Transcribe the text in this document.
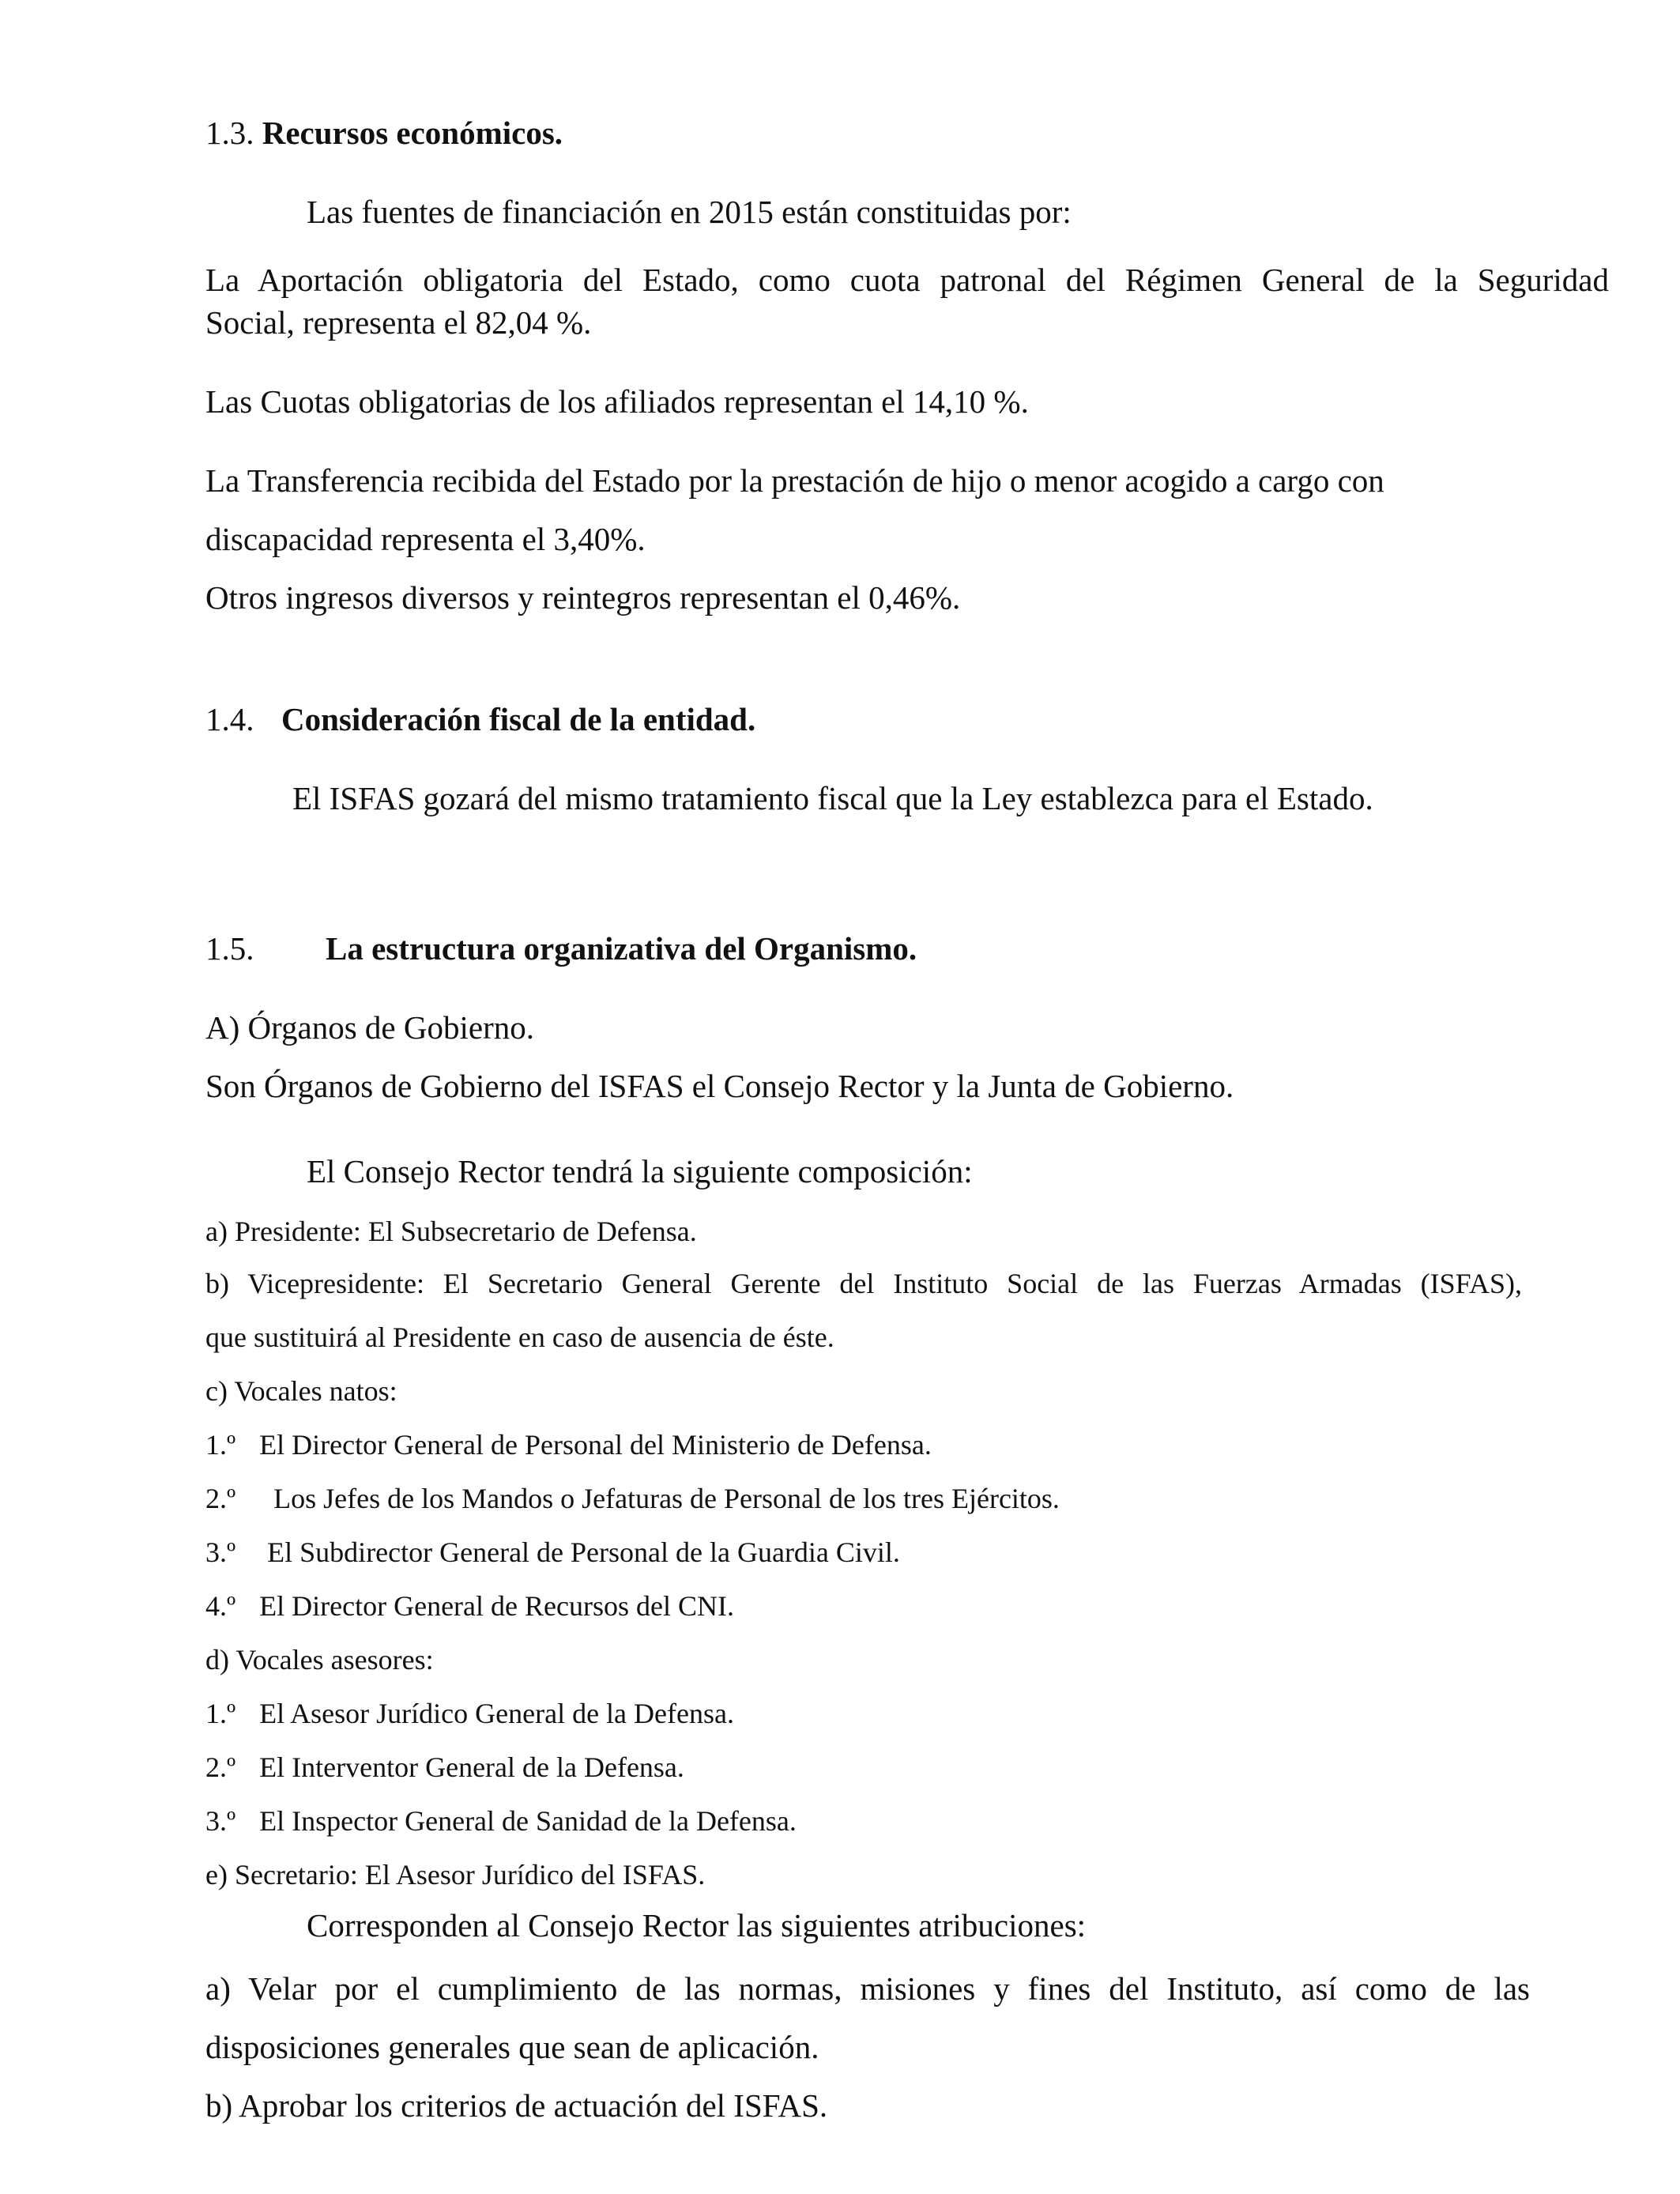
1.3. Recursos económicos.
Las fuentes de financiación en 2015 están constituidas por:
La Aportación obligatoria del Estado, como cuota patronal del Régimen General de la Seguridad
Social, representa el 82,04 %.
Las Cuotas obligatorias de los afiliados representan el 14,10 %.
La Transferencia recibida del Estado por la prestación de hijo o menor acogido a cargo con
discapacidad representa el 3,40%.
Otros ingresos diversos y reintegros representan el 0,46%.
1.4. Consideración fiscal de la entidad.
El ISFAS gozará del mismo tratamiento fiscal que la Ley establezca para el Estado.
1.5. La estructura organizativa del Organismo.
A) Órganos de Gobierno.
Son Órganos de Gobierno del ISFAS el Consejo Rector y la Junta de Gobierno.
El Consejo Rector tendrá la siguiente composición:
a) Presidente: El Subsecretario de Defensa.
b) Vicepresidente: El Secretario General Gerente del Instituto Social de las Fuerzas Armadas (ISFAS),
que sustituirá al Presidente en caso de ausencia de éste.
c) Vocales natos:
1.º El Director General de Personal del Ministerio de Defensa.
2.º Los Jefes de los Mandos o Jefaturas de Personal de los tres Ejércitos.
3.º El Subdirector General de Personal de la Guardia Civil.
4.º El Director General de Recursos del CNI.
d) Vocales asesores:
1.º El Asesor Jurídico General de la Defensa.
2.º El Interventor General de la Defensa.
3.º El Inspector General de Sanidad de la Defensa.
e) Secretario: El Asesor Jurídico del ISFAS.
Corresponden al Consejo Rector las siguientes atribuciones:
a) Velar por el cumplimiento de las normas, misiones y fines del Instituto, así como de las
disposiciones generales que sean de aplicación.
b) Aprobar los criterios de actuación del ISFAS.
